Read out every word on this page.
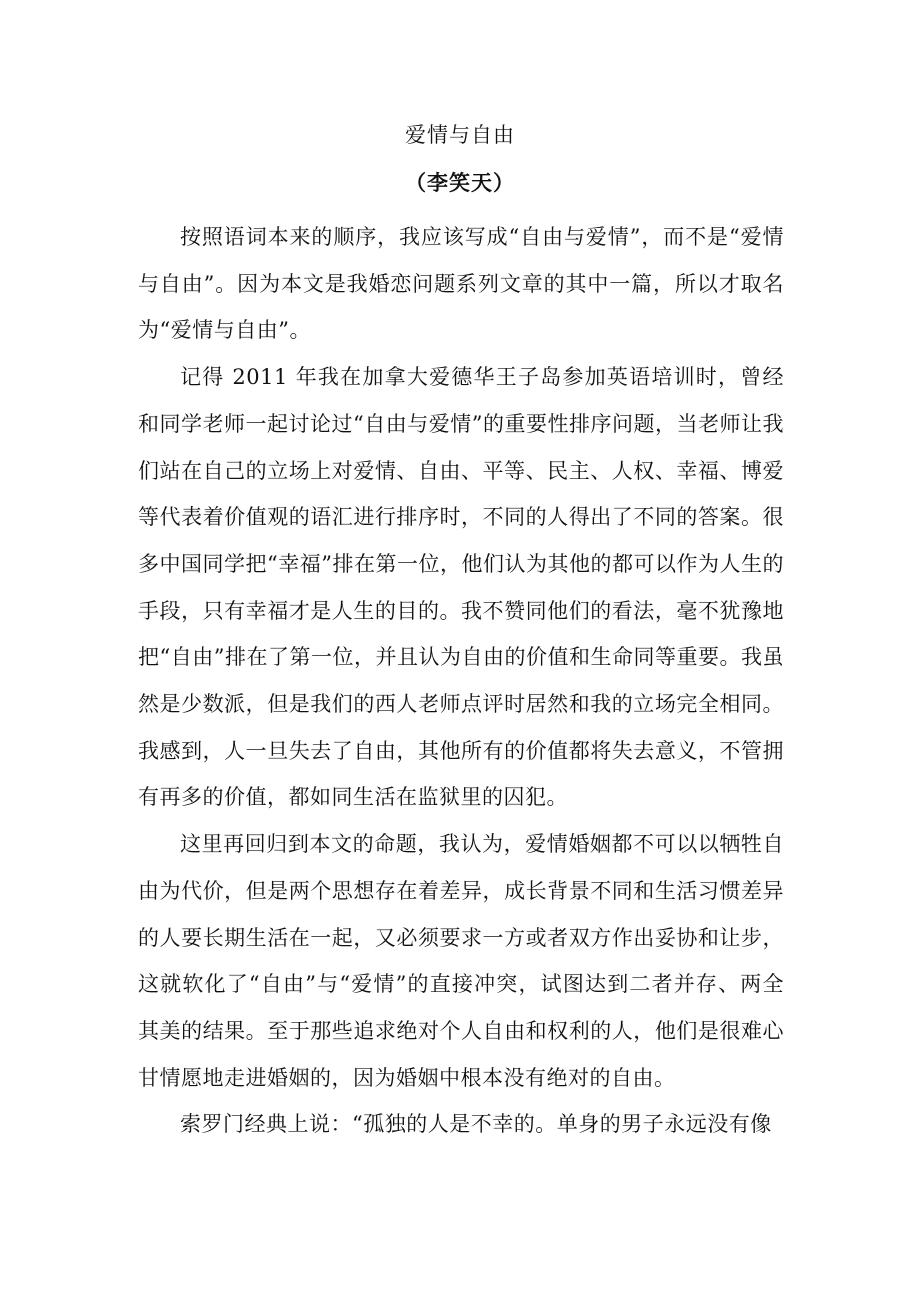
爱情与自由
（李笑天）

按照语词本来的顺序，我应该写成“自由与爱情”，而不是“爱情与自由”。因为本文是我婚恋问题系列文章的其中一篇，所以才取名为“爱情与自由”。

记得 2011 年我在加拿大爱德华王子岛参加英语培训时，曾经和同学老师一起讨论过“自由与爱情”的重要性排序问题，当老师让我们站在自己的立场上对爱情、自由、平等、民主、人权、幸福、博爱等代表着价值观的语汇进行排序时，不同的人得出了不同的答案。很多中国同学把“幸福”排在第一位，他们认为其他的都可以作为人生的手段，只有幸福才是人生的目的。我不赞同他们的看法，毫不犹豫地把“自由”排在了第一位，并且认为自由的价值和生命同等重要。我虽然是少数派，但是我们的西人老师点评时居然和我的立场完全相同。我感到，人一旦失去了自由，其他所有的价值都将失去意义，不管拥有再多的价值，都如同生活在监狱里的囚犯。

这里再回归到本文的命题，我认为，爱情婚姻都不可以以牺牲自由为代价，但是两个思想存在着差异，成长背景不同和生活习惯差异的人要长期生活在一起，又必须要求一方或者双方作出妥协和让步，这就软化了“自由”与“爱情”的直接冲突，试图达到二者并存、两全其美的结果。至于那些追求绝对个人自由和权利的人，他们是很难心甘情愿地走进婚姻的，因为婚姻中根本没有绝对的自由。

索罗门经典上说：“孤独的人是不幸的。单身的男子永远没有像
